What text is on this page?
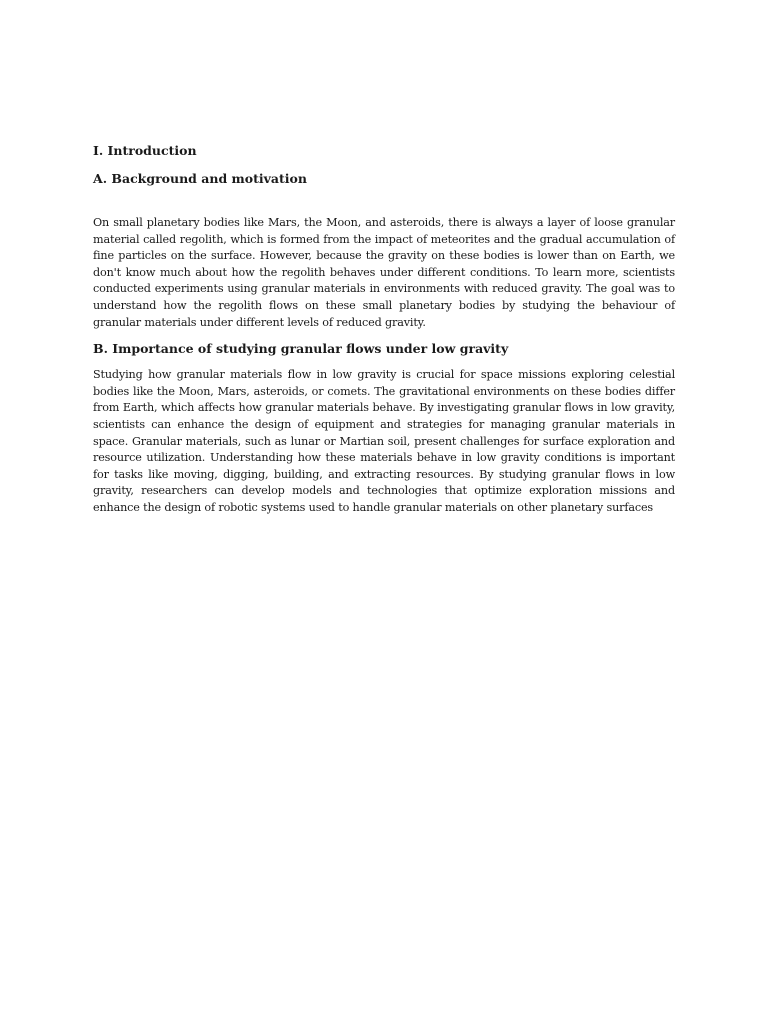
I. Introduction
A. Background and motivation

On small planetary bodies like Mars, the Moon, and asteroids, there is always a layer of loose granular material called regolith, which is formed from the impact of meteorites and the gradual accumulation of fine particles on the surface. However, because the gravity on these bodies is lower than on Earth, we don't know much about how the regolith behaves under different conditions. To learn more, scientists conducted experiments using granular materials in environments with reduced gravity. The goal was to understand how the regolith flows on these small planetary bodies by studying the behaviour of granular materials under different levels of reduced gravity.

B. Importance of studying granular flows under low gravity

Studying how granular materials flow in low gravity is crucial for space missions exploring celestial bodies like the Moon, Mars, asteroids, or comets. The gravitational environments on these bodies differ from Earth, which affects how granular materials behave. By investigating granular flows in low gravity, scientists can enhance the design of equipment and strategies for managing granular materials in space. Granular materials, such as lunar or Martian soil, present challenges for surface exploration and resource utilization. Understanding how these materials behave in low gravity conditions is important for tasks like moving, digging, building, and extracting resources. By studying granular flows in low gravity, researchers can develop models and technologies that optimize exploration missions and enhance the design of robotic systems used to handle granular materials on other planetary surfaces
